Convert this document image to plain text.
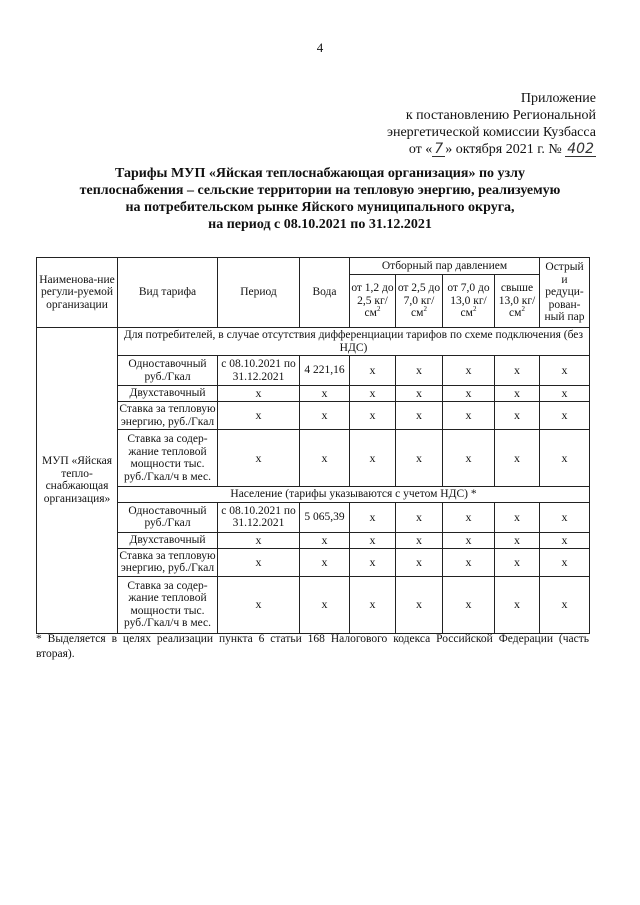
4
Приложение
к постановлению Региональной
энергетической комиссии Кузбасса
от « 7 » октября 2021 г. № 402
Тарифы МУП «Яйская теплоснабжающая организация» по узлу
теплоснабжения – сельские территории на тепловую энергию, реализуемую
на потребительском рынке Яйского муниципального округа,
на период с 08.10.2021 по 31.12.2021
Наименова-ние регули-руемой организации	Вид тарифа	Период	Вода	Отборный пар давлением				Острый и редуци-рован-ный пар
				от 1,2 до 2,5 $кг/см^2$	от 2,5 до 7,0 $кг/см^2$	от 7,0 до 13,0 $кг/см^2$	свыше 13,0 $кг/см^2$
МУП «Яйская тепло-снабжающая организация»	Для потребителей, в случае отсутствия дифференциации тарифов по схеме подключения (без НДС)							
	Одноставочный руб./Гкал	с 08.10.2021 по 31.12.2021	4 221,16	х	х	х	х	х
	Двухставочный	х	х	х	х	х	х	х
	Ставка за тепловую энергию, руб./Гкал	х	х	х	х	х	х	х
	Ставка за содер-жание тепловой мощности тыс. руб./Гкал/ч в мес.	х	х	х	х	х	х	х
	Население (тарифы указываются с учетом НДС) *							
	Одноставочный руб./Гкал	с 08.10.2021 по 31.12.2021	5 065,39	х	х	х	х	х
	Двухставочный	х	х	х	х	х	х	х
	Ставка за тепловую энергию, руб./Гкал	х	х	х	х	х	х	х
	Ставка за содер-жание тепловой мощности тыс. руб./Гкал/ч в мес.	х	х	х	х	х	х	х
* Выделяется в целях реализации пункта 6 статьи 168 Налогового кодекса Российской Федерации (часть вторая).
